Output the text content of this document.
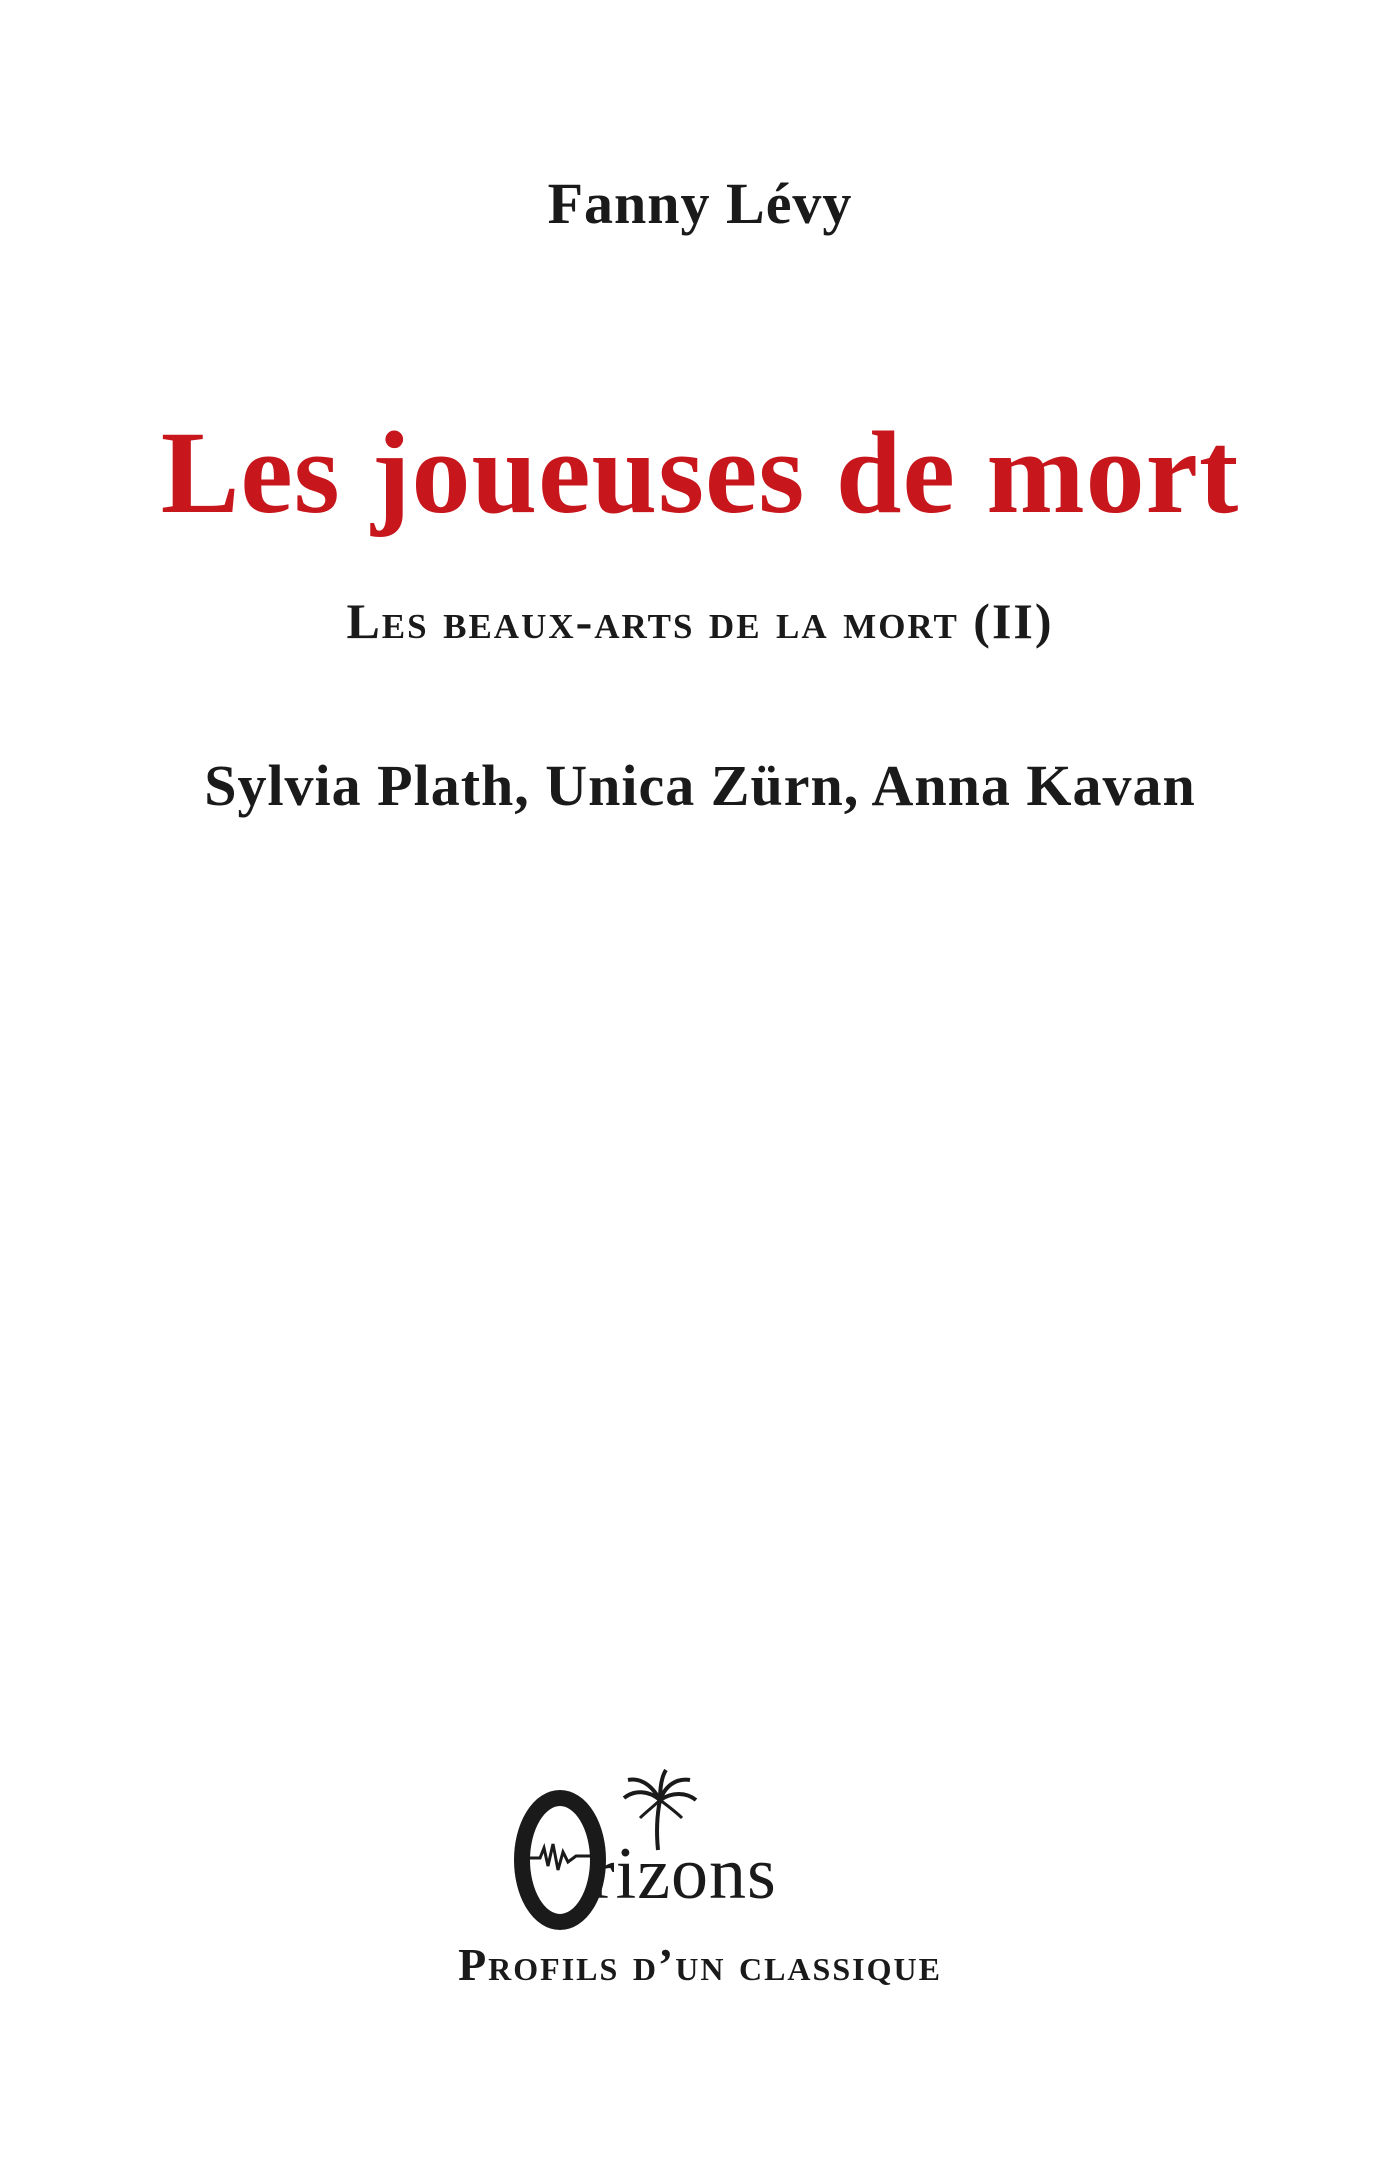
Fanny Lévy
Les joueuses de mort
Les beaux-arts de la mort (II)
Sylvia Plath, Unica Zürn, Anna Kavan
rizons
Profils d’un classique
